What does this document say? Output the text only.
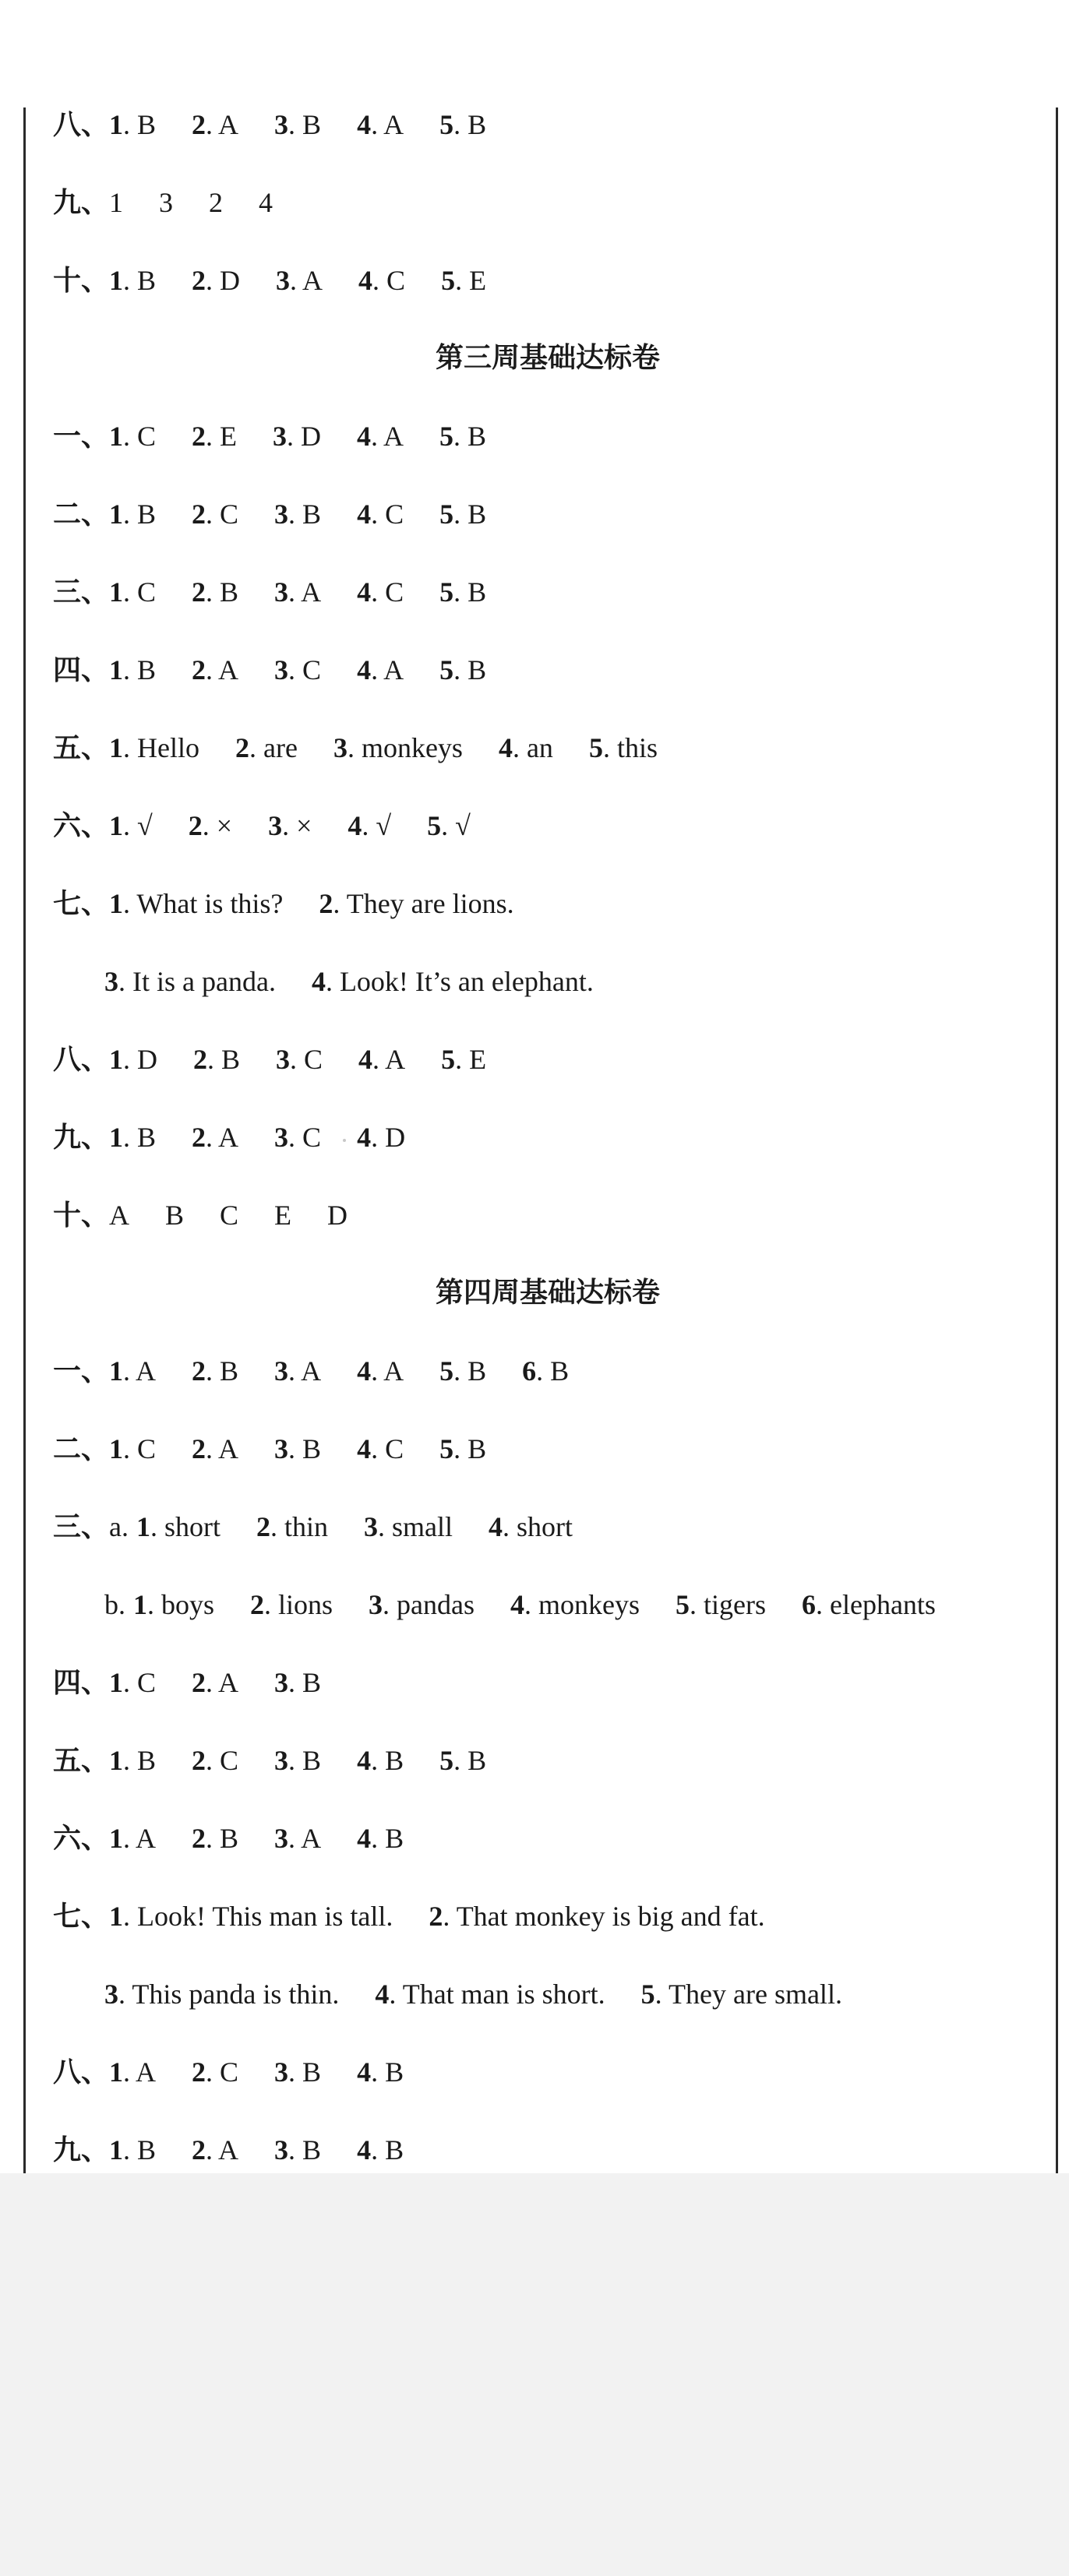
八、1. B 2. A 3. B 4. A 5. B
九、1 3 2 4
十、1. B 2. D 3. A 4. C 5. E
第三周基础达标卷
一、1. C 2. E 3. D 4. A 5. B
二、1. B 2. C 3. B 4. C 5. B
三、1. C 2. B 3. A 4. C 5. B
四、1. B 2. A 3. C 4. A 5. B
五、1. Hello 2. are 3. monkeys 4. an 5. this
六、1. √ 2. × 3. × 4. √ 5. √
七、1. What is this? 2. They are lions.
3. It is a panda. 4. Look! It’s an elephant.
八、1. D 2. B 3. C 4. A 5. E
九、1. B 2. A 3. C 4. D
十、A B C E D
第四周基础达标卷
一、1. A 2. B 3. A 4. A 5. B 6. B
二、1. C 2. A 3. B 4. C 5. B
三、a. 1. short 2. thin 3. small 4. short
b. 1. boys 2. lions 3. pandas 4. monkeys 5. tigers 6. elephants
四、1. C 2. A 3. B
五、1. B 2. C 3. B 4. B 5. B
六、1. A 2. B 3. A 4. B
七、1. Look! This man is tall. 2. That monkey is big and fat.
3. This panda is thin. 4. That man is short. 5. They are small.
八、1. A 2. C 3. B 4. B
九、1. B 2. A 3. B 4. B
